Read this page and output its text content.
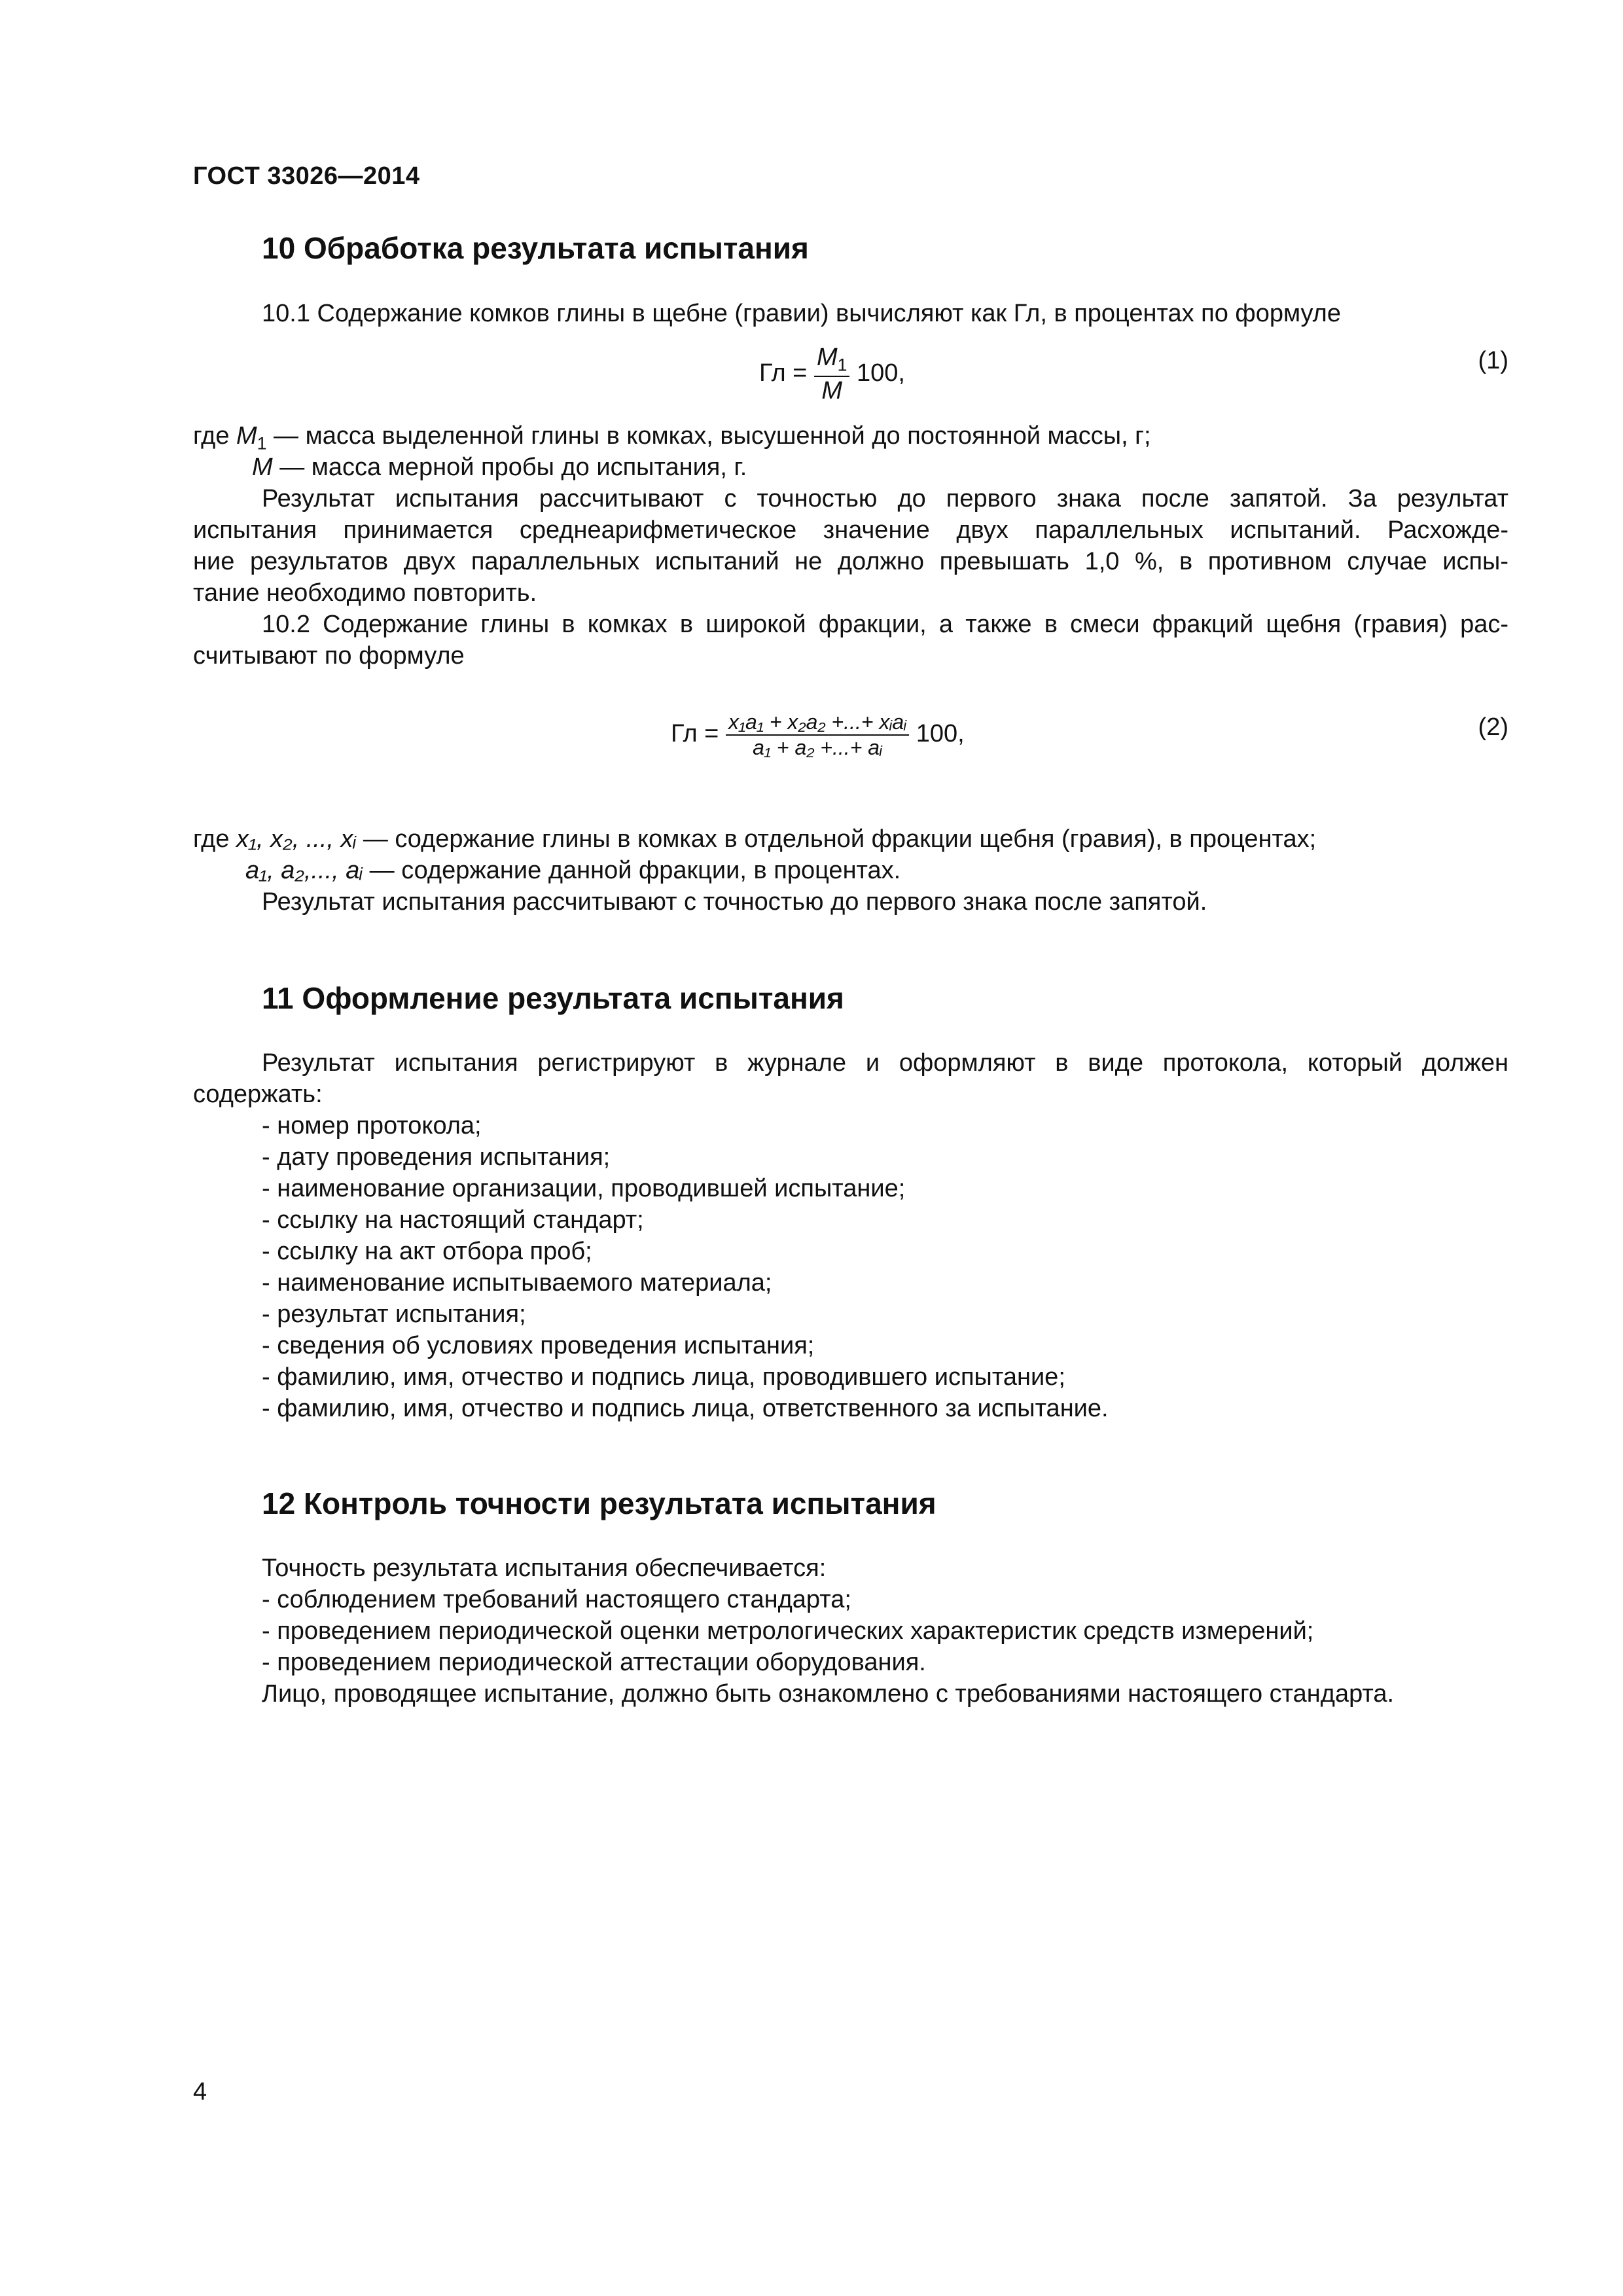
ГОСТ 33026—2014
10 Обработка результата испытания
10.1 Содержание комков глины в щебне (гравии) вычисляют как Гл, в процентах по формуле
Гл = $\frac{M_1}{M} 100$,	(1)
где $M_1$ — масса выделенной глины в комках, высушенной до постоянной массы, г;
M — масса мерной пробы до испытания, г.
Результат испытания рассчитывают с точностью до первого знака после запятой. За результат
испытания принимается среднеарифметическое значение двух параллельных испытаний. Расхожде-
ние результатов двух параллельных испытаний не должно превышать 1,0 %, в противном случае испы-
тание необходимо повторить.
10.2 Содержание глины в комках в широкой фракции, а также в смеси фракций щебня (гравия) рас-
считывают по формуле
Гл = $\frac{\text{x₁a₁ + x₂a₂ +...+ xᵢaᵢ}}{\text{a₁ + a₂ +...+ aᵢ}} 100$,	(2)
где x₁, x₂, ..., xᵢ — содержание глины в комках в отдельной фракции щебня (гравия), в процентах;
a₁, a₂,..., aᵢ — содержание данной фракции, в процентах.
Результат испытания рассчитывают с точностью до первого знака после запятой.
11 Оформление результата испытания
Результат испытания регистрируют в журнале и оформляют в виде протокола, который должен
содержать:
- номер протокола;
- дату проведения испытания;
- наименование организации, проводившей испытание;
- ссылку на настоящий стандарт;
- ссылку на акт отбора проб;
- наименование испытываемого материала;
- результат испытания;
- сведения об условиях проведения испытания;
- фамилию, имя, отчество и подпись лица, проводившего испытание;
- фамилию, имя, отчество и подпись лица, ответственного за испытание.
12 Контроль точности результата испытания
Точность результата испытания обеспечивается:
- соблюдением требований настоящего стандарта;
- проведением периодической оценки метрологических характеристик средств измерений;
- проведением периодической аттестации оборудования.
Лицо, проводящее испытание, должно быть ознакомлено с требованиями настоящего стандарта.
4
